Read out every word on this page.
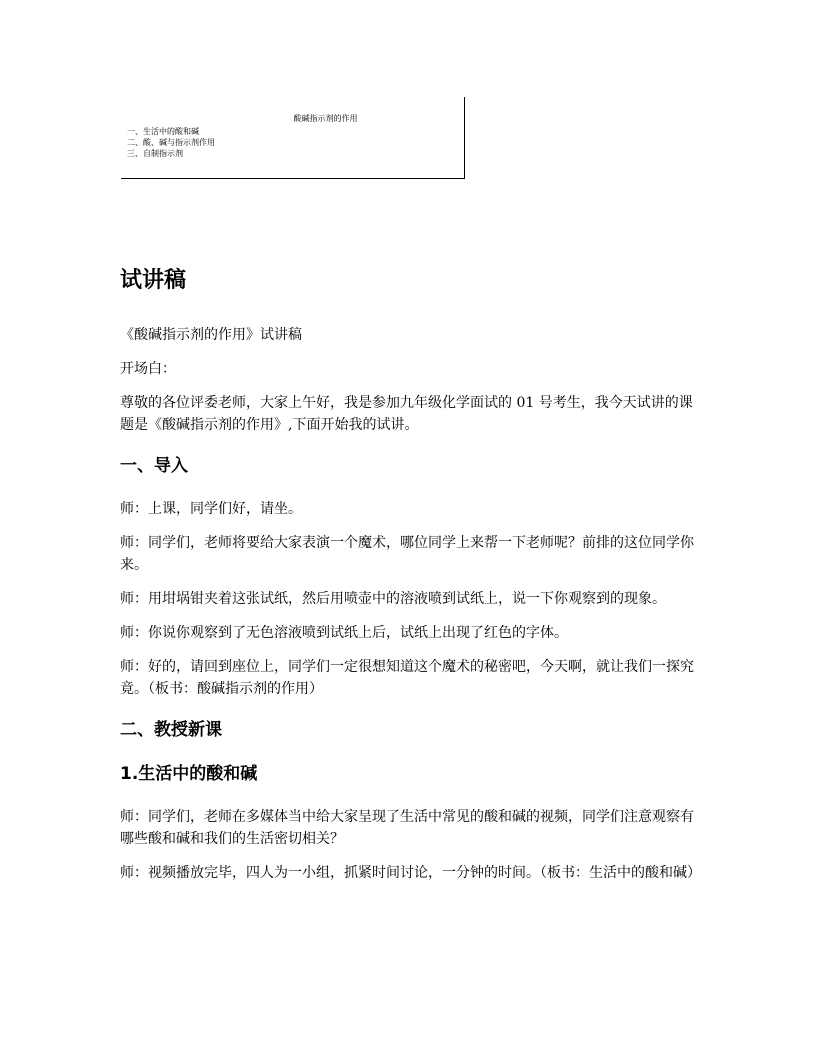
酸碱指示剂的作用
一、生活中的酸和碱
二、酸、碱与指示剂作用
三、自制指示剂
试讲稿

《酸碱指示剂的作用》试讲稿

开场白：

尊敬的各位评委老师，大家上午好，我是参加九年级化学面试的 01 号考生，我今天试讲的课题是《酸碱指示剂的作用》,下面开始我的试讲。

一、导入

师：上课，同学们好，请坐。

师：同学们，老师将要给大家表演一个魔术，哪位同学上来帮一下老师呢？前排的这位同学你来。

师：用坩埚钳夹着这张试纸，然后用喷壶中的溶液喷到试纸上，说一下你观察到的现象。

师：你说你观察到了无色溶液喷到试纸上后，试纸上出现了红色的字体。

师：好的，请回到座位上，同学们一定很想知道这个魔术的秘密吧，今天啊，就让我们一探究竟。（板书：酸碱指示剂的作用）

二、教授新课
1.生活中的酸和碱

师：同学们，老师在多媒体当中给大家呈现了生活中常见的酸和碱的视频，同学们注意观察有哪些酸和碱和我们的生活密切相关？

师：视频播放完毕，四人为一小组，抓紧时间讨论，一分钟的时间。（板书：生活中的酸和碱）
